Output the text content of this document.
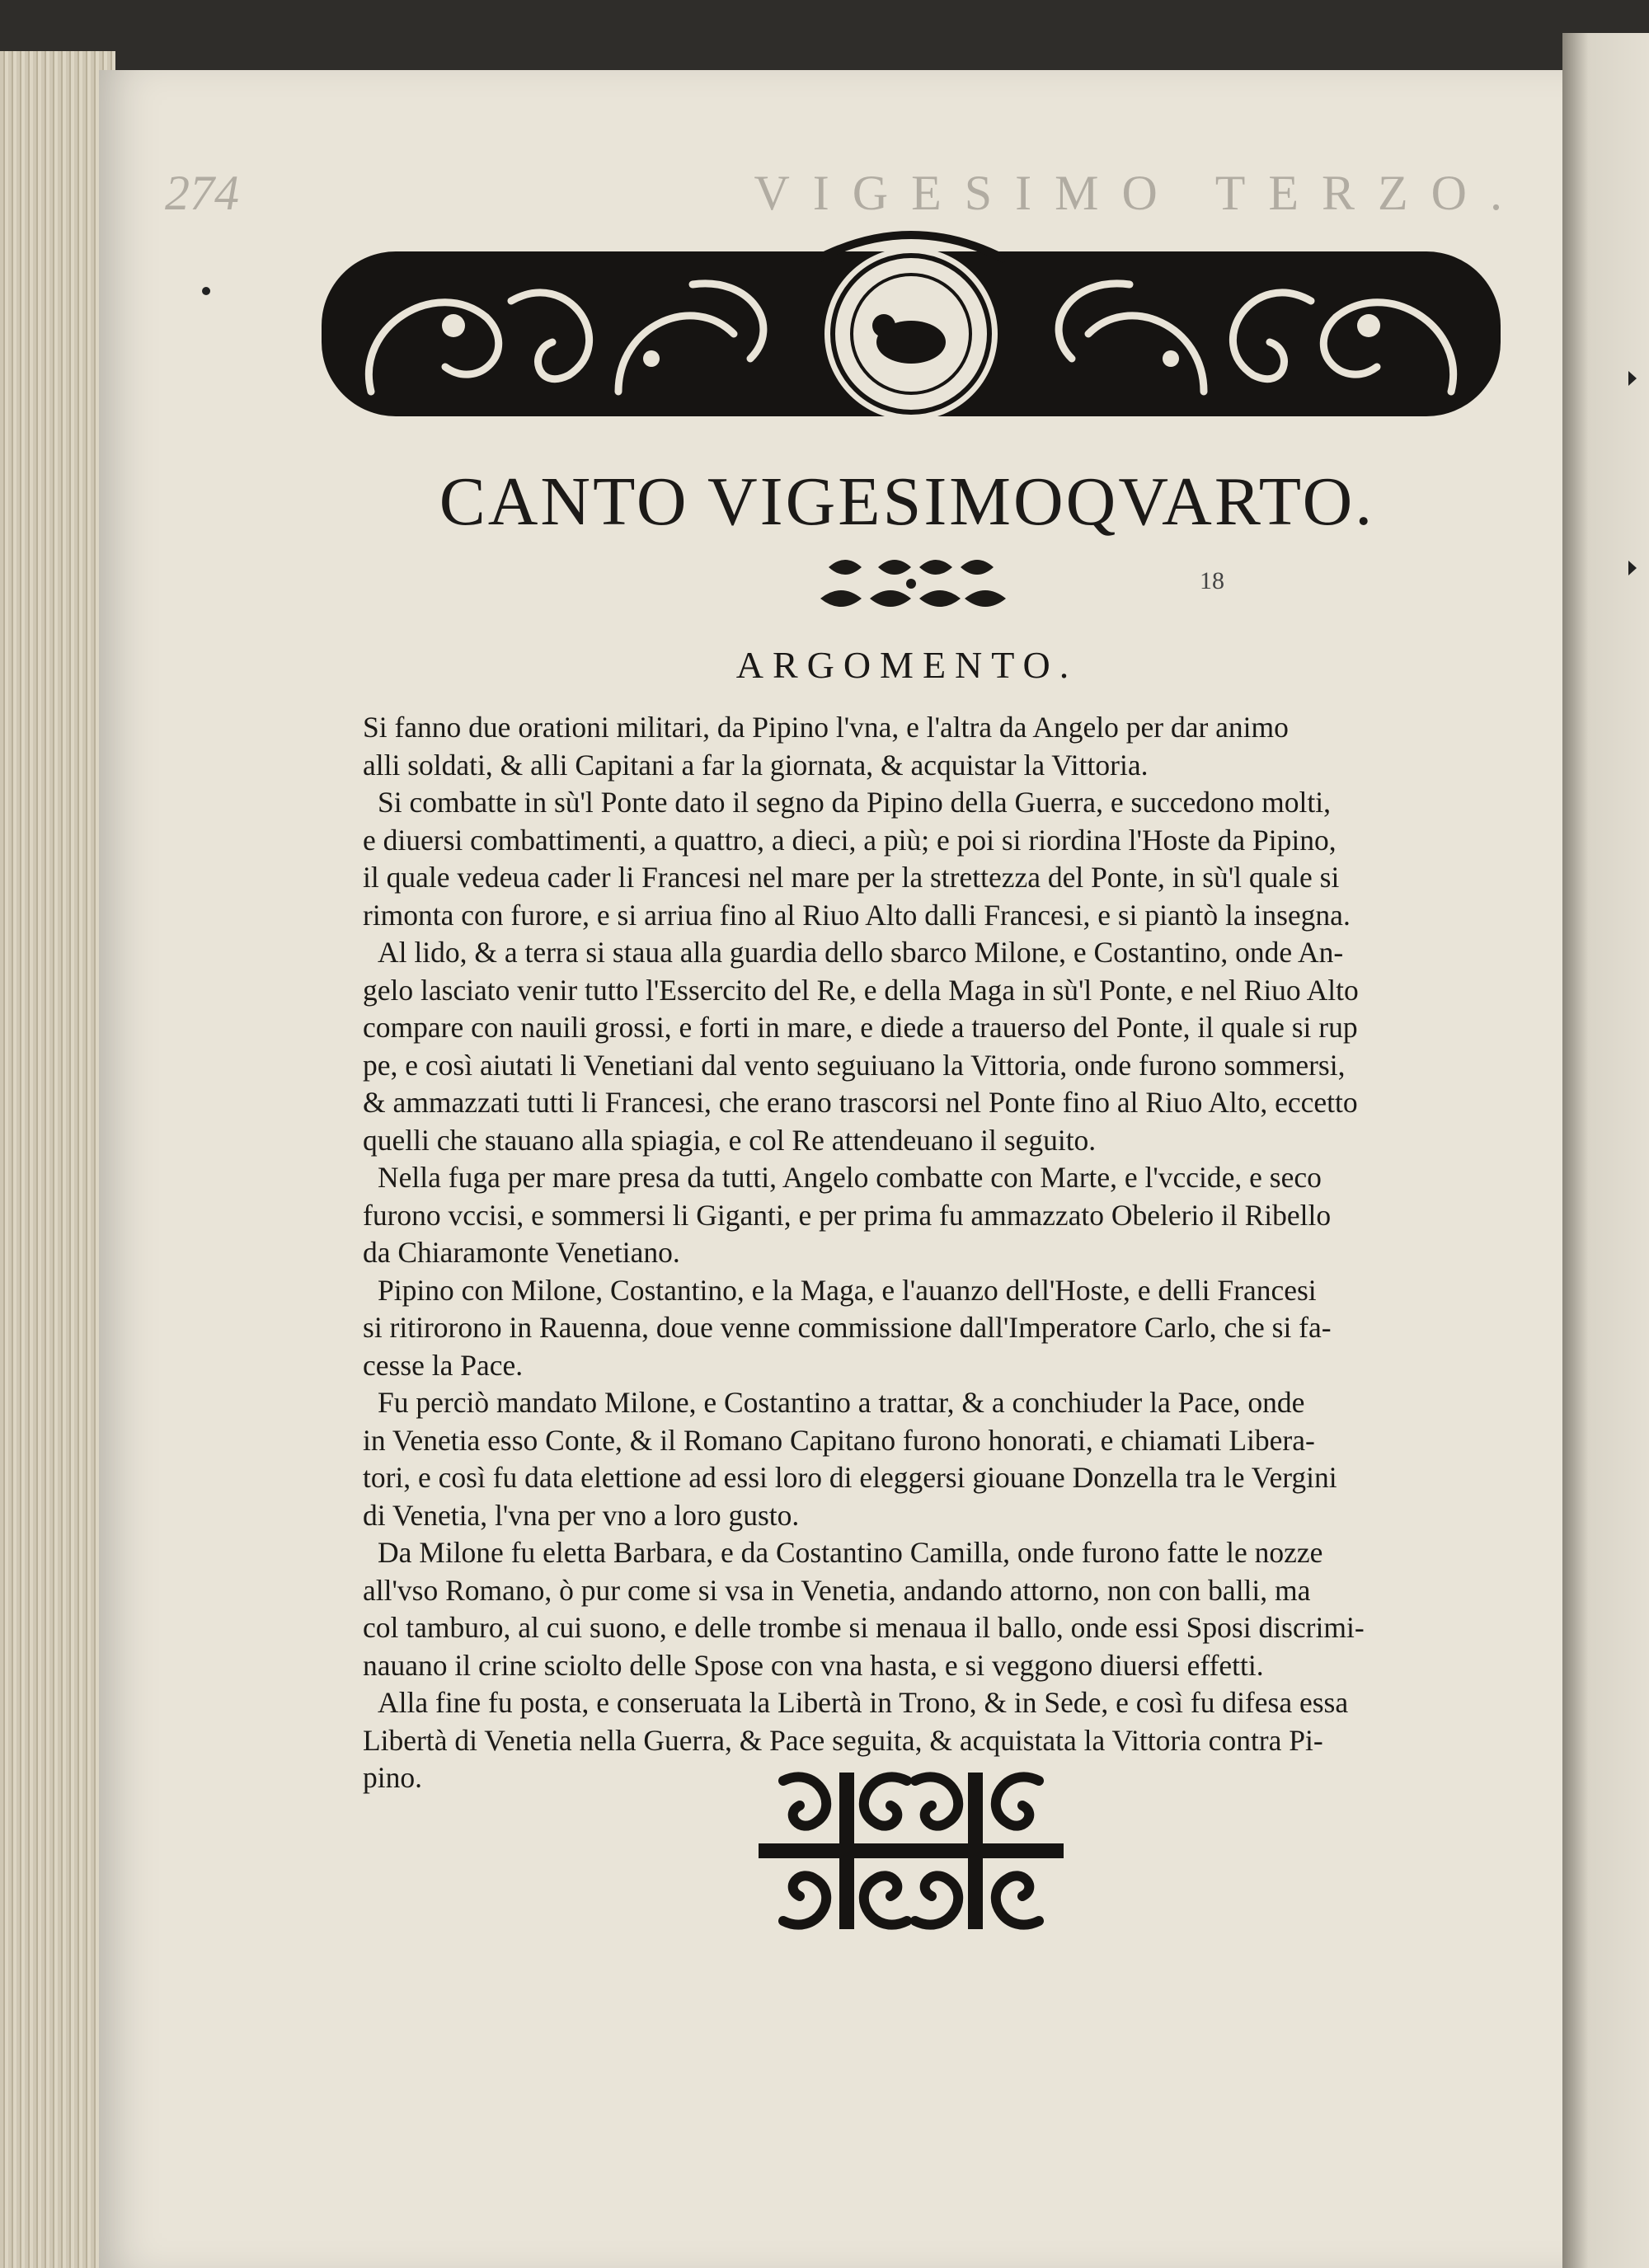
274	VIGESIMO TERZO.
CANTO VIGESIMOQVARTO.
18
ARGOMENTO.

Si fanno due orationi militari, da Pipino l'vna, e l'altra da Angelo per dar animo
alli soldati, & alli Capitani a far la giornata, & acquistar la Vittoria.

Si combatte in sù'l Ponte dato il segno da Pipino della Guerra, e succedono molti,
e diuersi combattimenti, a quattro, a dieci, a più; e poi si riordina l'Hoste da Pipino,
il quale vedeua cader li Francesi nel mare per la strettezza del Ponte, in sù'l quale si
rimonta con furore, e si arriua fino al Riuo Alto dalli Francesi, e si piantò la insegna.

Al lido, & a terra si staua alla guardia dello sbarco Milone, e Costantino, onde An-
gelo lasciato venir tutto l'Essercito del Re, e della Maga in sù'l Ponte, e nel Riuo Alto
compare con nauili grossi, e forti in mare, e diede a trauerso del Ponte, il quale si rup
pe, e così aiutati li Venetiani dal vento seguiuano la Vittoria, onde furono sommersi,
& ammazzati tutti li Francesi, che erano trascorsi nel Ponte fino al Riuo Alto, eccetto
quelli che stauano alla spiagia, e col Re attendeuano il seguito.

Nella fuga per mare presa da tutti, Angelo combatte con Marte, e l'vccide, e seco
furono vccisi, e sommersi li Giganti, e per prima fu ammazzato Obelerio il Ribello
da Chiaramonte Venetiano.

Pipino con Milone, Costantino, e la Maga, e l'auanzo dell'Hoste, e delli Francesi
si ritirorono in Rauenna, doue venne commissione dall'Imperatore Carlo, che si fa-
cesse la Pace.

Fu perciò mandato Milone, e Costantino a trattar, & a conchiuder la Pace, onde
in Venetia esso Conte, & il Romano Capitano furono honorati, e chiamati Libera-
tori, e così fu data elettione ad essi loro di eleggersi giouane Donzella tra le Vergini
di Venetia, l'vna per vno a loro gusto.

Da Milone fu eletta Barbara, e da Costantino Camilla, onde furono fatte le nozze
all'vso Romano, ò pur come si vsa in Venetia, andando attorno, non con balli, ma
col tamburo, al cui suono, e delle trombe si menaua il ballo, onde essi Sposi discrimi-
nauano il crine sciolto delle Spose con vna hasta, e si veggono diuersi effetti.

Alla fine fu posta, e conseruata la Libertà in Trono, & in Sede, e così fu difesa essa
Libertà di Venetia nella Guerra, & Pace seguita, & acquistata la Vittoria contra Pi-
pino.
